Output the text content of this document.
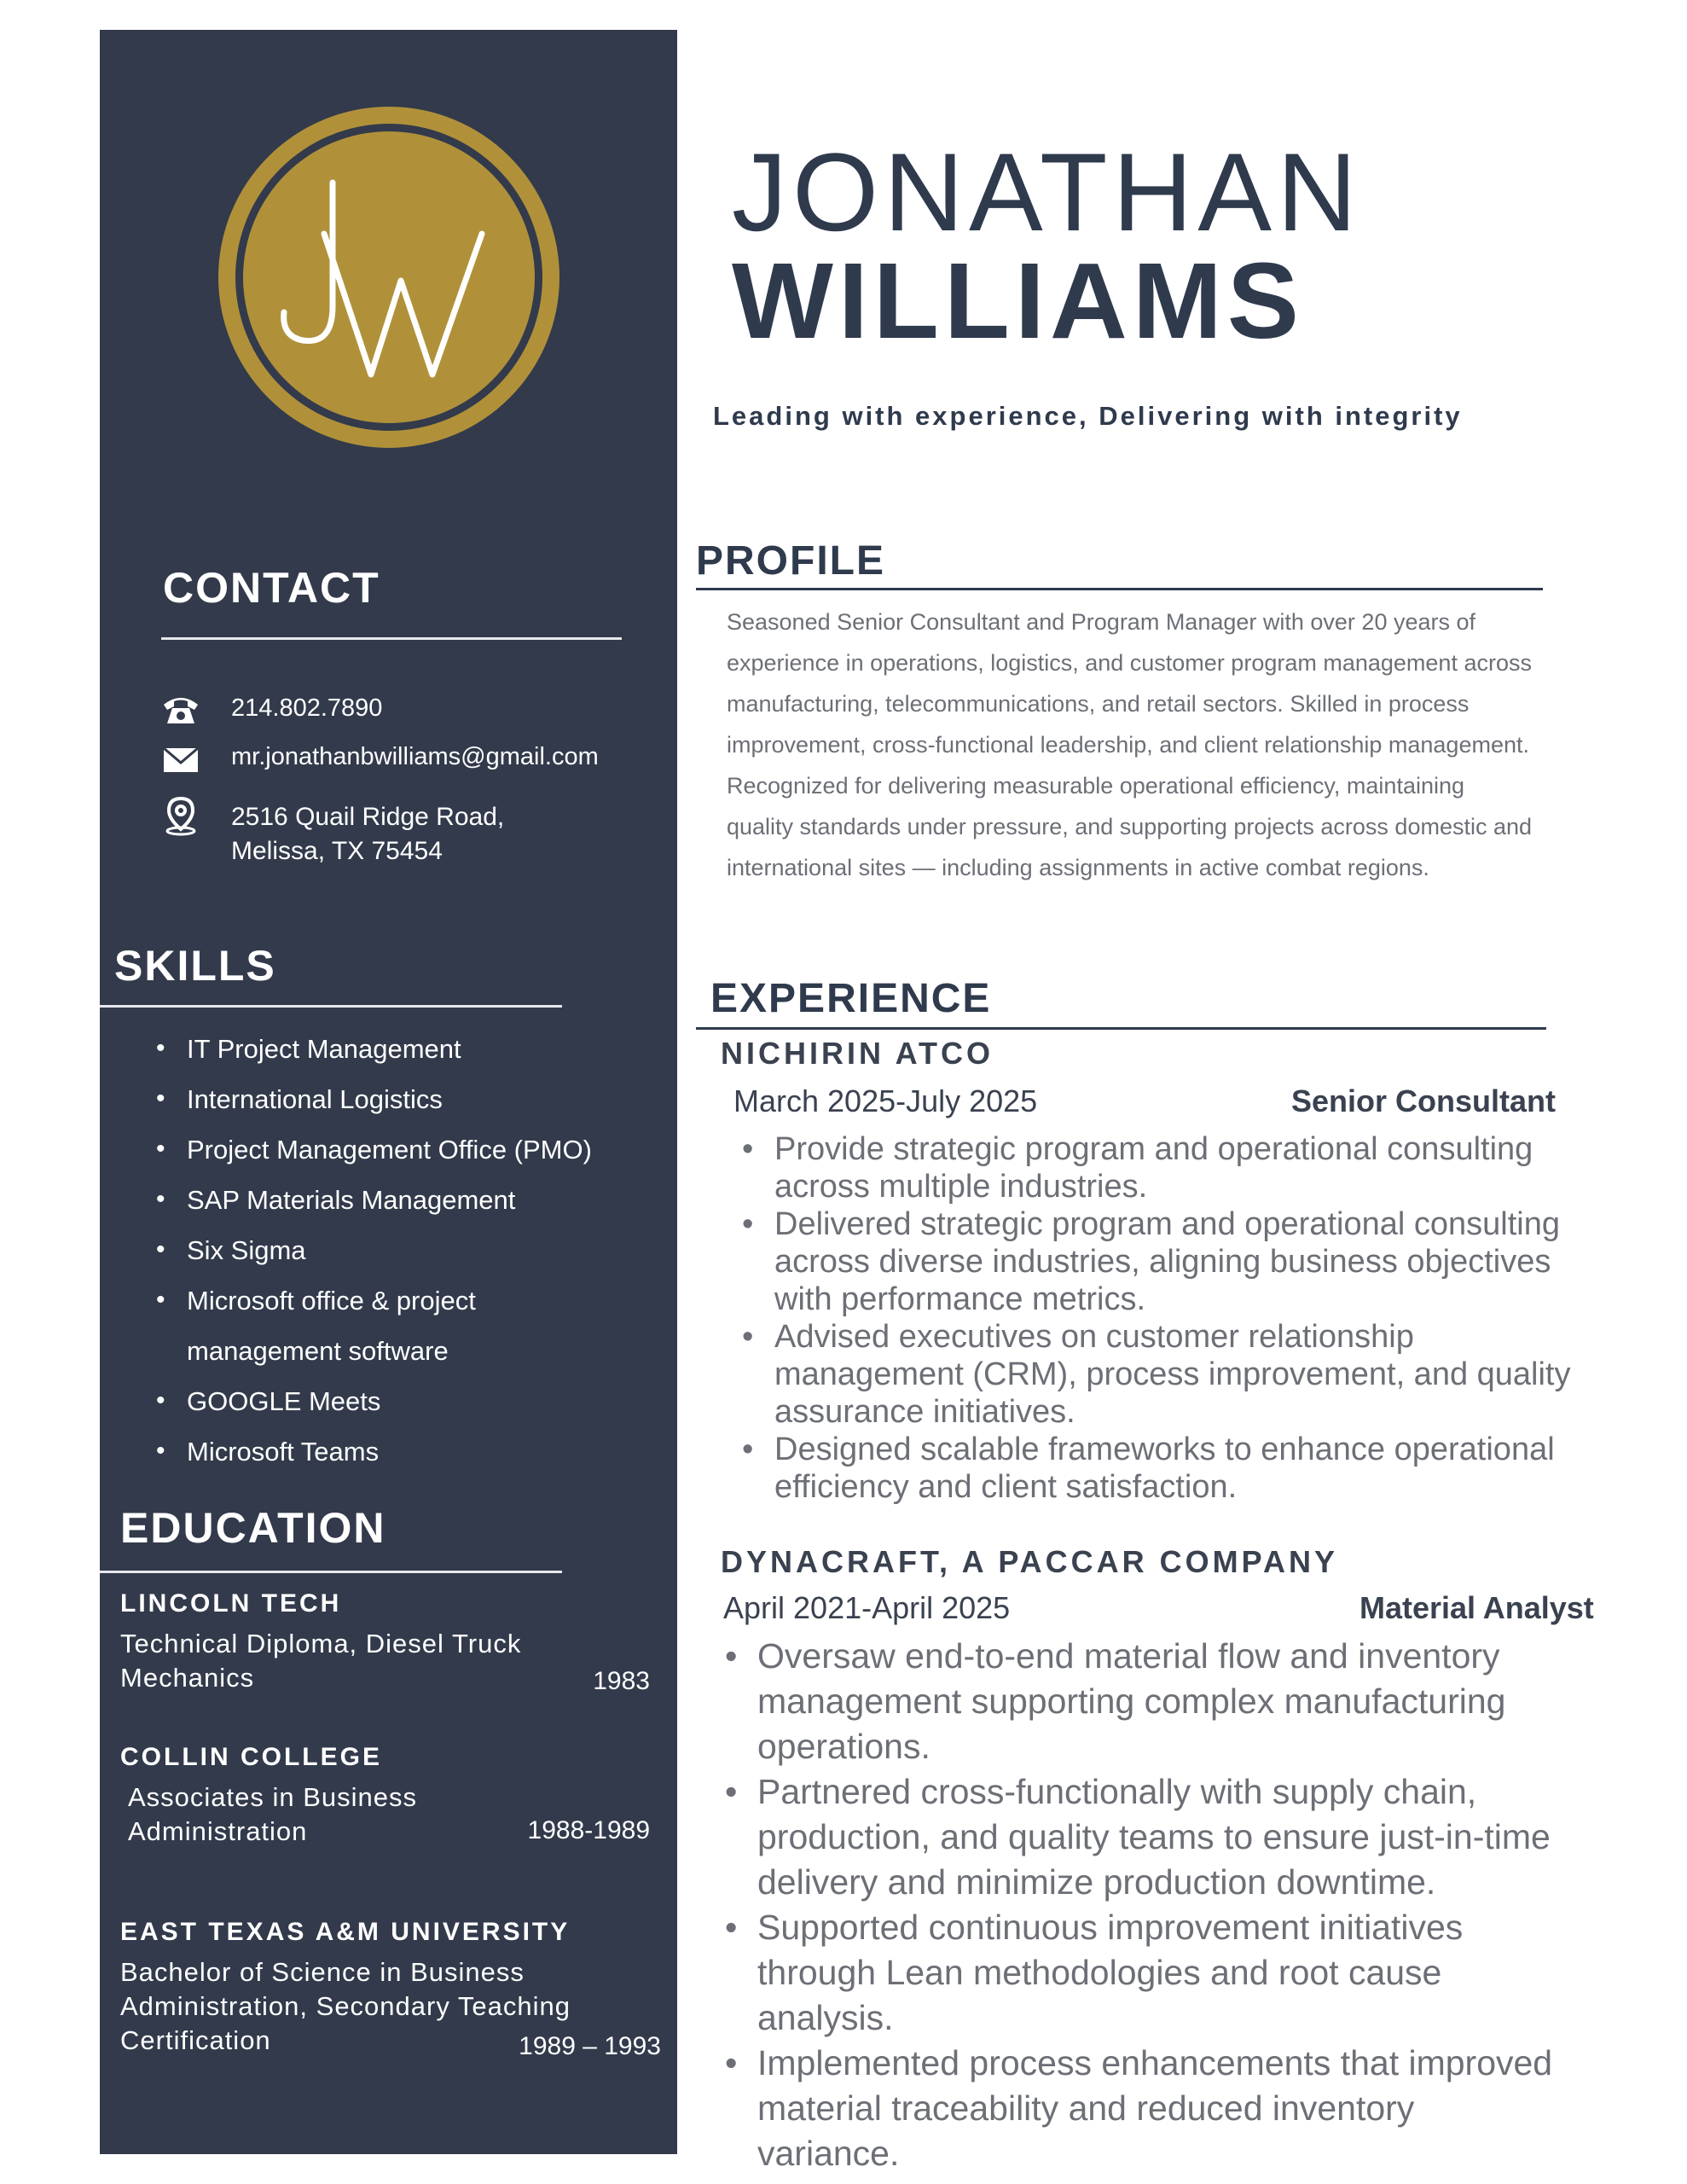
CONTACT
214.802.7890
mr.jonathanbwilliams@gmail.com
2516 Quail Ridge Road,
Melissa, TX 75454
SKILLS
• IT Project Management
• International Logistics
• Project Management Office (PMO)
• SAP Materials Management
• Six Sigma
• Microsoft office & project
management software
• GOOGLE Meets
• Microsoft Teams
EDUCATION
LINCOLN TECH
Technical Diploma, Diesel Truck
Mechanics	1983
COLLIN COLLEGE
Associates in Business
Administration	1988-1989
EAST TEXAS A&M UNIVERSITY
Bachelor of Science in Business
Administration, Secondary Teaching
Certification	1989 – 1993
JONATHAN
WILLIAMS
Leading with experience, Delivering with integrity
PROFILE
Seasoned Senior Consultant and Program Manager with over 20 years of experience in operations, logistics, and customer program management across manufacturing, telecommunications, and retail sectors. Skilled in process improvement, cross-functional leadership, and client relationship management. Recognized for delivering measurable operational efficiency, maintaining quality standards under pressure, and supporting projects across domestic and international sites — including assignments in active combat regions.
EXPERIENCE
NICHIRIN ATCO
March 2025-July 2025	Senior Consultant
• Provide strategic program and operational consulting across multiple industries.
• Delivered strategic program and operational consulting across diverse industries, aligning business objectives with performance metrics.
• Advised executives on customer relationship management (CRM), process improvement, and quality assurance initiatives.
• Designed scalable frameworks to enhance operational efficiency and client satisfaction.
DYNACRAFT, A PACCAR COMPANY
April 2021-April 2025	Material Analyst
• Oversaw end-to-end material flow and inventory management supporting complex manufacturing operations.
• Partnered cross-functionally with supply chain, production, and quality teams to ensure just-in-time delivery and minimize production downtime.
• Supported continuous improvement initiatives through Lean methodologies and root cause analysis.
• Implemented process enhancements that improved material traceability and reduced inventory variance.
